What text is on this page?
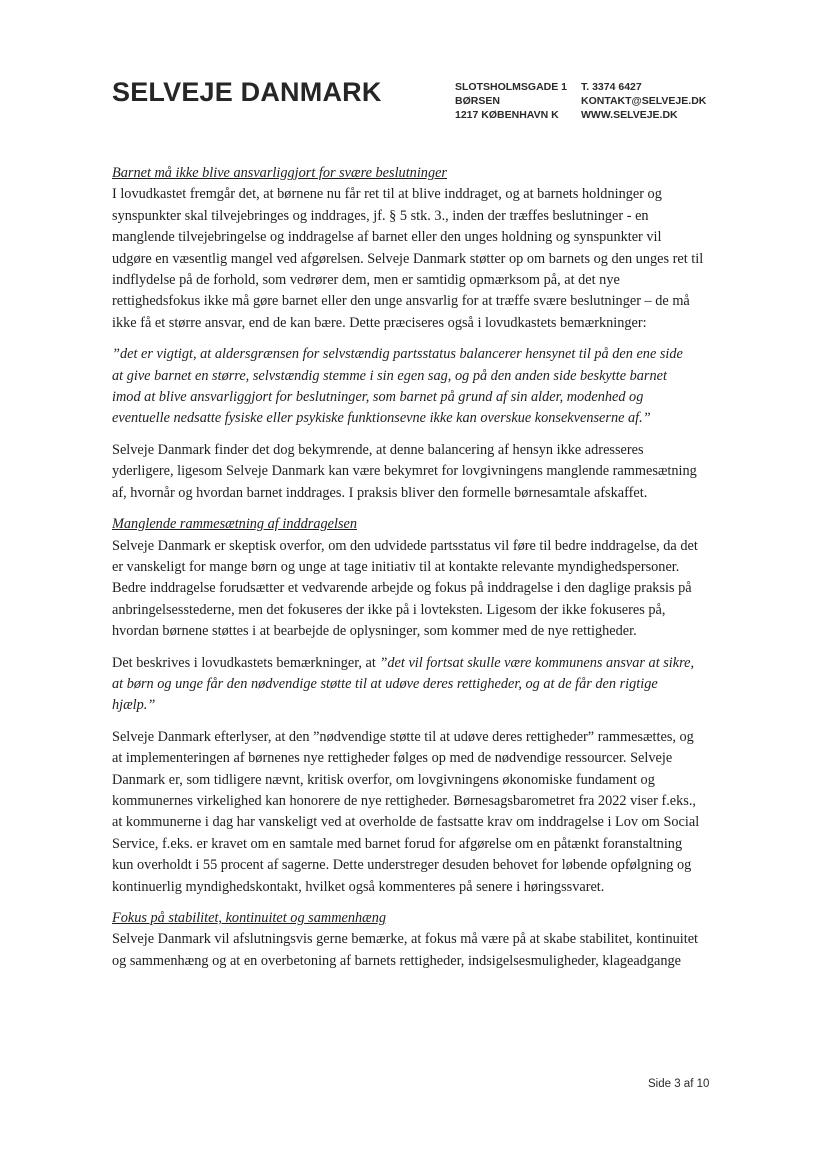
SELVEJE DANMARK	SLOTSHOLMSGADE 1
BØRSEN
1217 KØBENHAVN K
T. 3374 6427
KONTAKT@SELVEJE.DK
WWW.SELVEJE.DK
Barnet må ikke blive ansvarliggjort for svære beslutninger

I lovudkastet fremgår det, at børnene nu får ret til at blive inddraget, og at barnets holdninger og
synspunkter skal tilvejebringes og inddrages, jf. § 5 stk. 3., inden der træffes beslutninger - en
manglende tilvejebringelse og inddragelse af barnet eller den unges holdning og synspunkter vil
udgøre en væsentlig mangel ved afgørelsen. Selveje Danmark støtter op om barnets og den unges ret til
indflydelse på de forhold, som vedrører dem, men er samtidig opmærksom på, at det nye
rettighedsfokus ikke må gøre barnet eller den unge ansvarlig for at træffe svære beslutninger – de må
ikke få et større ansvar, end de kan bære. Dette præciseres også i lovudkastets bemærkninger:

”det er vigtigt, at aldersgrænsen for selvstændig partsstatus balancerer hensynet til på den ene side
at give barnet en større, selvstændig stemme i sin egen sag, og på den anden side beskytte barnet
imod at blive ansvarliggjort for beslutninger, som barnet på grund af sin alder, modenhed og
eventuelle nedsatte fysiske eller psykiske funktionsevne ikke kan overskue konsekvenserne af.”

Selveje Danmark finder det dog bekymrende, at denne balancering af hensyn ikke adresseres
yderligere, ligesom Selveje Danmark kan være bekymret for lovgivningens manglende rammesætning
af, hvornår og hvordan barnet inddrages. I praksis bliver den formelle børnesamtale afskaffet.

Manglende rammesætning af inddragelsen

Selveje Danmark er skeptisk overfor, om den udvidede partsstatus vil føre til bedre inddragelse, da det
er vanskeligt for mange børn og unge at tage initiativ til at kontakte relevante myndighedspersoner.
Bedre inddragelse forudsætter et vedvarende arbejde og fokus på inddragelse i den daglige praksis på
anbringelsesstederne, men det fokuseres der ikke på i lovteksten. Ligesom der ikke fokuseres på,
hvordan børnene støttes i at bearbejde de oplysninger, som kommer med de nye rettigheder.

Det beskrives i lovudkastets bemærkninger, at ”det vil fortsat skulle være kommunens ansvar at sikre,
at børn og unge får den nødvendige støtte til at udøve deres rettigheder, og at de får den rigtige
hjælp.”

Selveje Danmark efterlyser, at den ”nødvendige støtte til at udøve deres rettigheder” rammesættes, og
at implementeringen af børnenes nye rettigheder følges op med de nødvendige ressourcer. Selveje
Danmark er, som tidligere nævnt, kritisk overfor, om lovgivningens økonomiske fundament og
kommunernes virkelighed kan honorere de nye rettigheder. Børnesagsbarometret fra 2022 viser f.eks.,
at kommunerne i dag har vanskeligt ved at overholde de fastsatte krav om inddragelse i Lov om Social
Service, f.eks. er kravet om en samtale med barnet forud for afgørelse om en påtænkt foranstaltning
kun overholdt i 55 procent af sagerne. Dette understreger desuden behovet for løbende opfølgning og
kontinuerlig myndighedskontakt, hvilket også kommenteres på senere i høringssvaret.

Fokus på stabilitet, kontinuitet og sammenhæng

Selveje Danmark vil afslutningsvis gerne bemærke, at fokus må være på at skabe stabilitet, kontinuitet
og sammenhæng og at en overbetoning af barnets rettigheder, indsigelsesmuligheder, klageadgange

Side 3 af 10
